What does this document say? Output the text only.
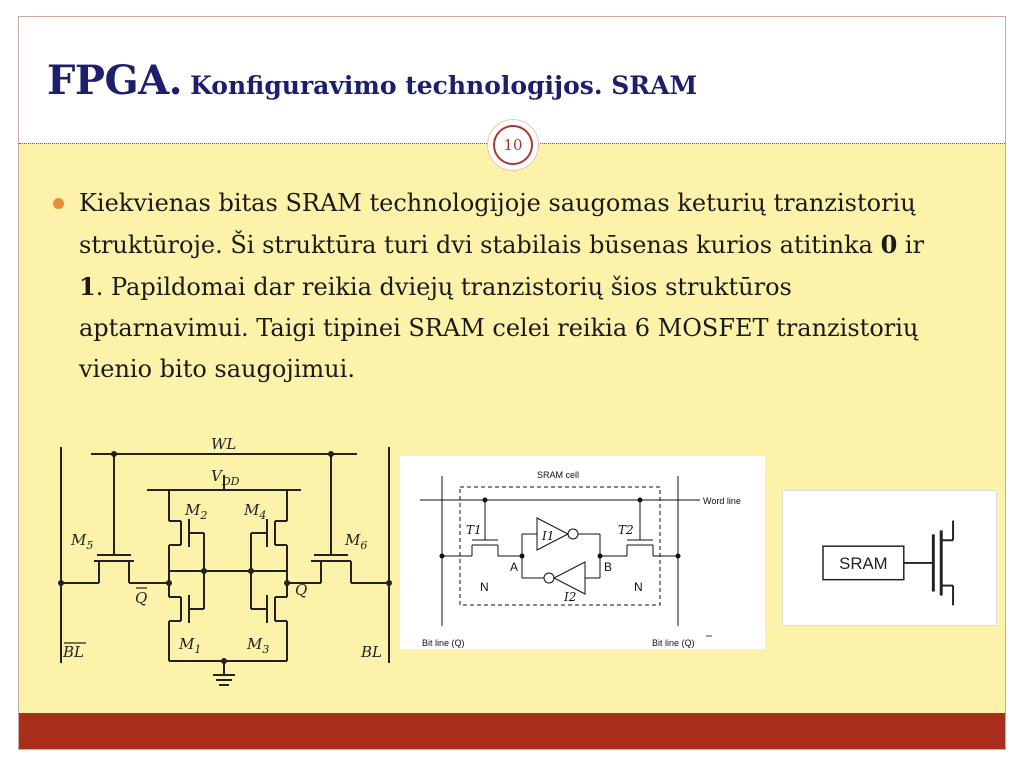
FPGA. Konfiguravimo technologijos. SRAM
10
Kiekvienas bitas SRAM technologijoje saugomas keturių tranzistorių struktūroje. Ši struktūra turi dvi stabilais būsenas kurios atitinka 0 ir 1. Papildomai dar reikia dviejų tranzistorių šios struktūros aptarnavimui. Taigi tipinei SRAM celei reikia 6 MOSFET tranzistorių vienio bito saugojimui.
WL
$V_{DD}$
$M_2$ $M_4$
$M_5$	$M_6$
$M_1$	$M_3$
Q	Q
BL	BL
SRAM cell
Word line
Bit line (Q)	Bit line (Q)
T1	T2
I1
I2
A	B
N	N
SRAM
